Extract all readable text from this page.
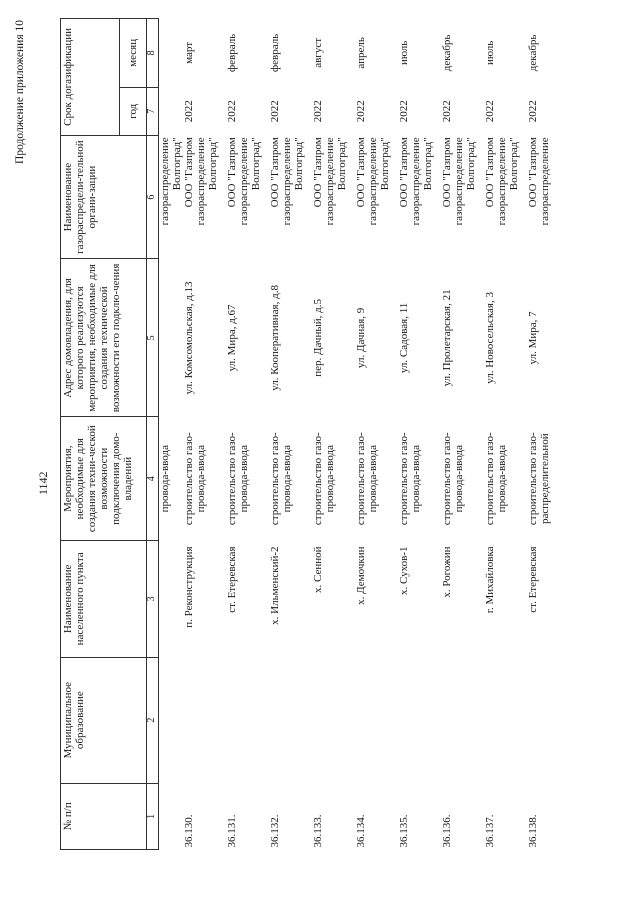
1142
Продолжение приложения 10
№ п/п	Муниципальное образование	Наименование населенного пункта	Мероприятия, необходимые для создания техни-ческой возможности подключения домо-владений	Адрес домовладения, для которого реализуются мероприятия, необходимые для создания технической возможности его подклю-чения	Наименование газораспредели-тельной органи-зации	Срок догазификации	
						год	месяц
1	2	3	4	5	6	7	8
			провода-ввода		газораспределение Волгоград"		
36.130.		п. Реконструкция	строительство газо-провода-ввода	ул. Комсомольская, д.13	ООО "Газпром газораспределение Волгоград"	2022	март
36.131.		ст. Етеревская	строительство газо-провода-ввода	ул. Мира, д.67	ООО "Газпром газораспределение Волгоград"	2022	февраль
36.132.		х. Ильменский-2	строительство газо-провода-ввода	ул. Кооперативная, д.8	ООО "Газпром газораспределение Волгоград"	2022	февраль
36.133.		х. Сенной	строительство газо-провода-ввода	пер. Дачный, д.5	ООО "Газпром газораспределение Волгоград"	2022	август
36.134.		х. Демочкин	строительство газо-провода-ввода	ул. Дачная, 9	ООО "Газпром газораспределение Волгоград"	2022	апрель
36.135.		х. Сухов-1	строительство газо-провода-ввода	ул. Садовая, 11	ООО "Газпром газораспределение Волгоград"	2022	июль
36.136.		х. Рогожин	строительство газо-провода-ввода	ул. Пролетарская, 21	ООО "Газпром газораспределение Волгоград"	2022	декабрь
36.137.		г. Михайловка	строительство газо-провода-ввода	ул. Новосельская, 3	ООО "Газпром газораспределение Волгоград"	2022	июль
36.138.		ст. Етеревская	строительство газо-распределительной	ул. Мира, 7	ООО "Газпром газораспределение	2022	декабрь
